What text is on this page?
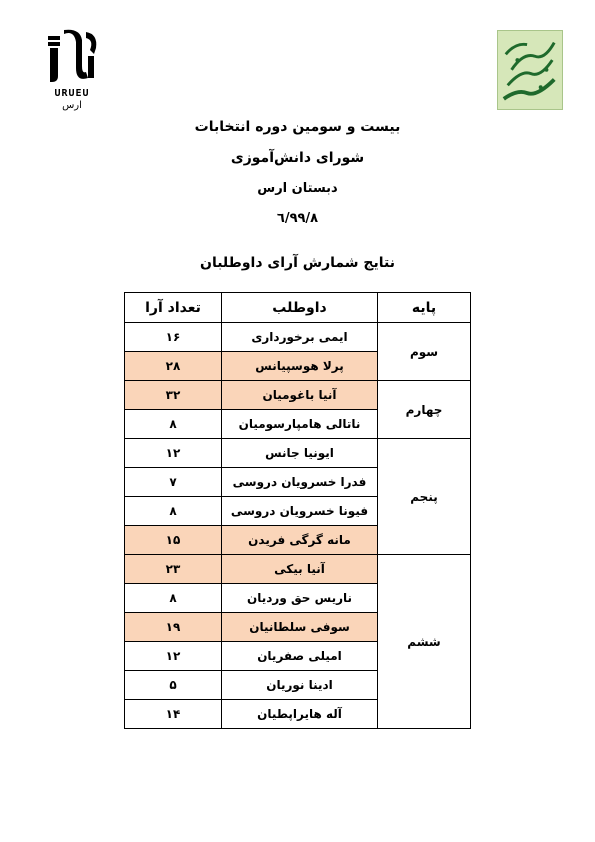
URUEU
ارس
بیست و سومین دوره انتخابات
شورای دانش‌آموزی
دبستان ارس
۹۹/۸/٦
نتایج شمارش آرای داوطلبان
پایه	داوطلب	تعداد آرا
سوم	ایمی برخورداری	۱۶
	پرلا هوسپیانس	۲۸
چهارم	آنیا باغومیان	۳۲
	ناتالی هامپارسومیان	۸
پنجم	ایونیا جانس	۱۲
	فدرا خسرویان دروسی	۷
	فیونا خسرویان دروسی	۸
	مانه گرگی فریدن	۱۵
ششم	آنیا بیکی	۲۳
	ناریس حق وردیان	۸
	سوفی سلطانیان	۱۹
	امیلی صفریان	۱۲
	ادینا نوریان	۵
	آله هایراپطیان	۱۴
